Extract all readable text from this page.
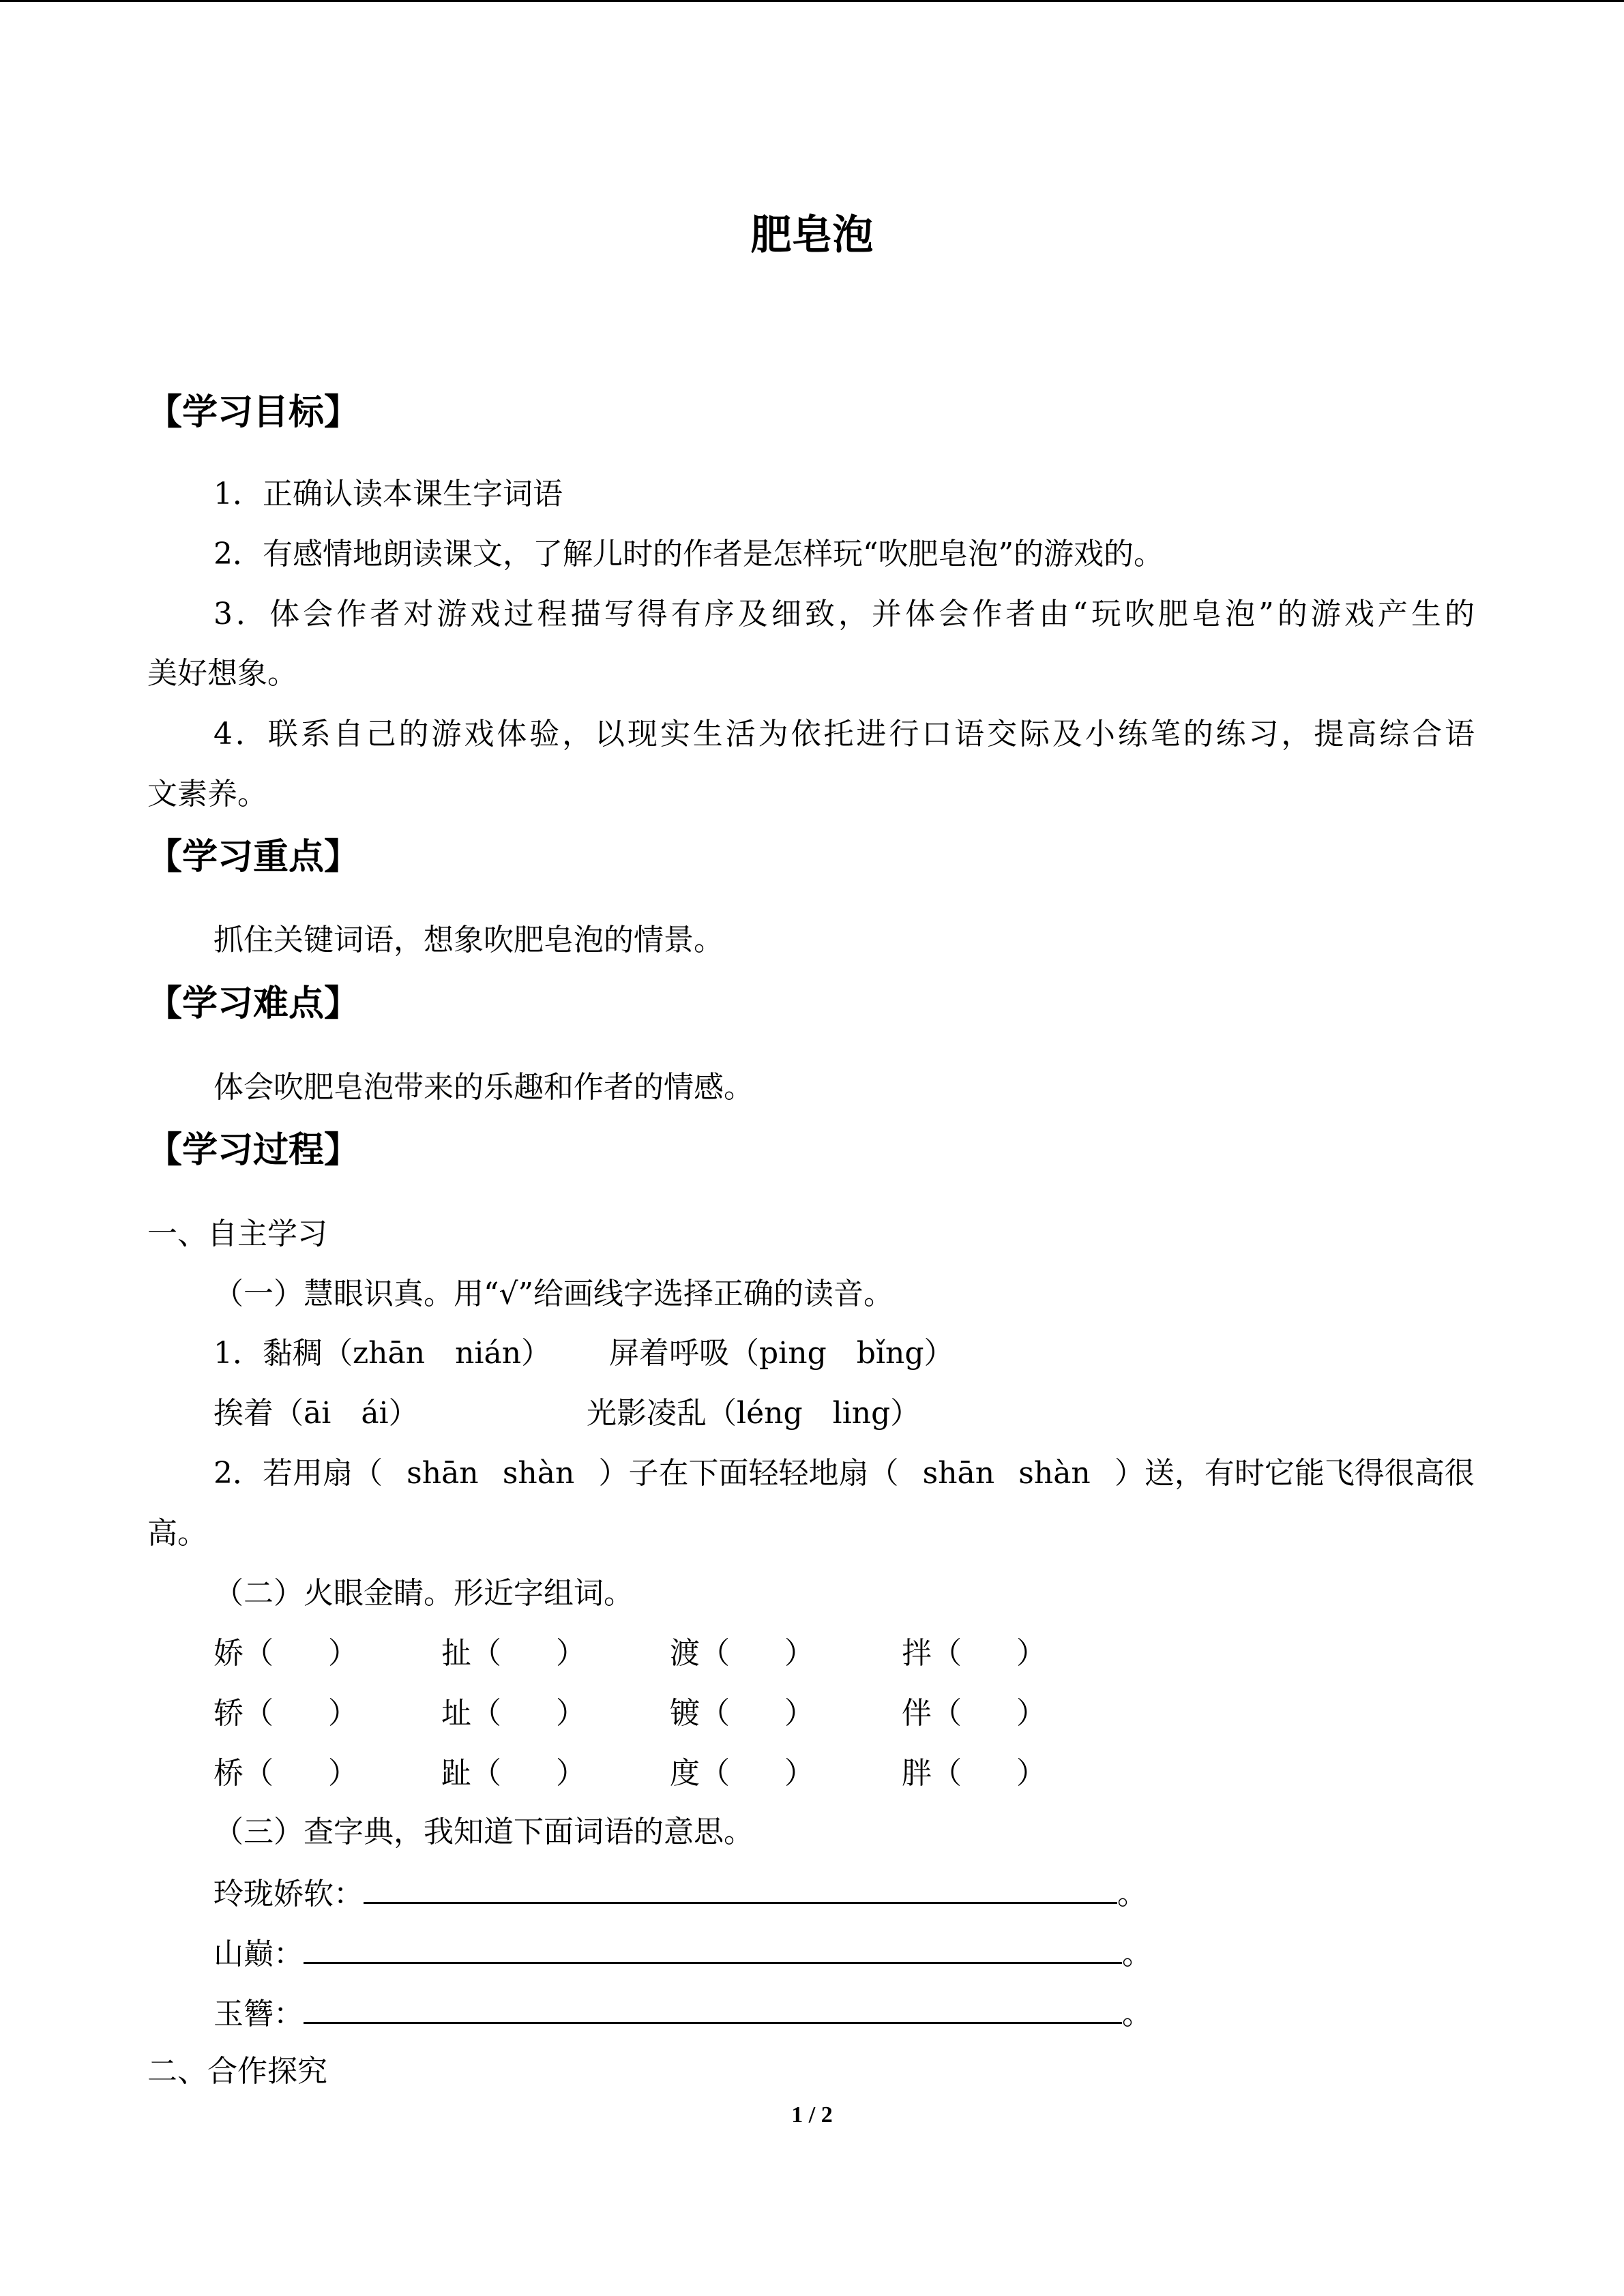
肥皂泡
【学习目标】
1．正确认读本课生字词语
2．有感情地朗读课文，了解儿时的作者是怎样玩“吹肥皂泡”的游戏的。
3．体会作者对游戏过程描写得有序及细致，并体会作者由“玩吹肥皂泡”的游戏产生的
美好想象。
4．联系自己的游戏体验，以现实生活为依托进行口语交际及小练笔的练习，提高综合语
文素养。
【学习重点】
抓住关键词语，想象吹肥皂泡的情景。
【学习难点】
体会吹肥皂泡带来的乐趣和作者的情感。
【学习过程】
一、自主学习
（一）慧眼识真。用“√”给画线字选择正确的读音。
1．黏稠（zhān nián） 屏着呼吸（ping bǐng）
挨着（āi ái）	光影凌乱（léng ling）
2．若用扇（ shān shàn ）子在下面轻轻地扇（ shān shàn ）送，有时它能飞得很高很
高。
（二）火眼金睛。形近字组词。
娇（ ）	扯（ ）	渡（ ）	拌（ ）
轿（ ）	址（ ）	镀（ ）	伴（ ）
桥（ ）	趾（ ）	度（ ）	胖（ ）
（三）查字典，我知道下面词语的意思。
玲珑娇软：	。
山巅：	。
玉簪：	。
二、合作探究
1 / 2
